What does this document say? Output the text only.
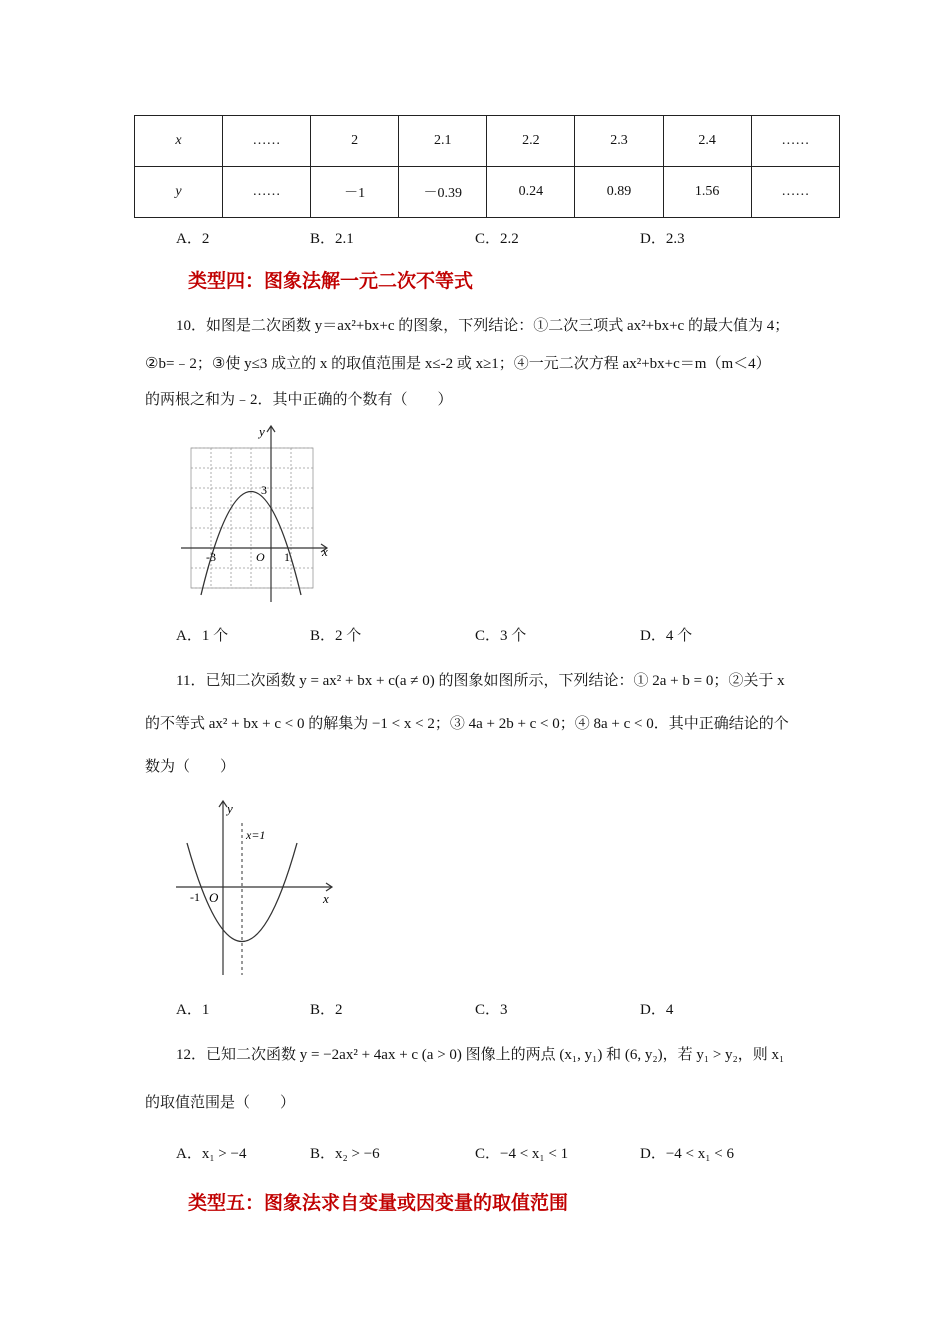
x	……	2	2.1	2.2	2.3	2.4	……
y	……	－1	－0.39	0.24	0.89	1.56	……
A．2	B．2.1	C．2.2	D．2.3
类型四：图象法解一元二次不等式
10．如图是二次函数 y＝ax²+bx+c 的图象，下列结论：①二次三项式 ax²+bx+c 的最大值为 4；
②b=﹣2；③使 y≤3 成立的 x 的取值范围是 x≤-2 或 x≥1；④一元二次方程 ax²+bx+c＝m（m＜4）
的两根之和为﹣2．其中正确的个数有（　　）
y
x
3
O
-3	1
A．1 个	B．2 个	C．3 个	D．4 个
11．已知二次函数 y = ax² + bx + c(a ≠ 0) 的图象如图所示，下列结论：① 2a + b = 0；②关于 x
的不等式 ax² + bx + c < 0 的解集为 −1 < x < 2；③ 4a + 2b + c < 0；④ 8a + c < 0．其中正确结论的个
数为（　　）
y
x
x=1
O
-1
A．1	B．2	C．3	D．4
12．已知二次函数 y = −2ax² + 4ax + c (a > 0) 图像上的两点 (x₁, y₁) 和 (6, y₂)，若 y₁ > y₂，则 x₁
的取值范围是（　　）
A．x₁ > −4	B．x₂ > −6	C．−4 < x₁ < 1	D．−4 < x₁ < 6
类型五：图象法求自变量或因变量的取值范围
